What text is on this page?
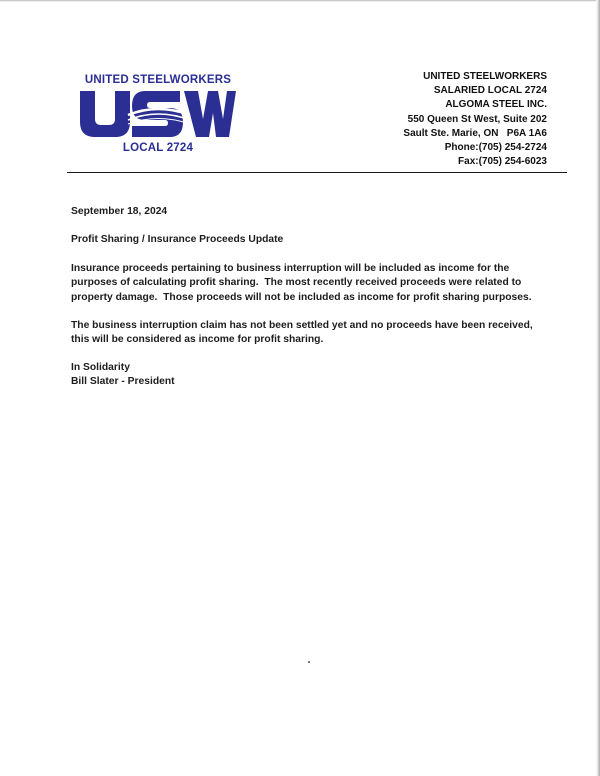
UNITED STEELWORKERS
LOCAL 2724
UNITED STEELWORKERS
SALARIED LOCAL 2724
ALGOMA STEEL INC.
550 Queen St West, Suite 202
Sault Ste. Marie, ON   P6A 1A6
Phone:(705) 254-2724
Fax:(705) 254-6023

September 18, 2024

Profit Sharing / Insurance Proceeds Update

Insurance proceeds pertaining to business interruption will be included as income for the purposes of calculating profit sharing.  The most recently received proceeds were related to property damage.  Those proceeds will not be included as income for profit sharing purposes.

The business interruption claim has not been settled yet and no proceeds have been received, this will be considered as income for profit sharing.

In Solidarity

Bill Slater - President
